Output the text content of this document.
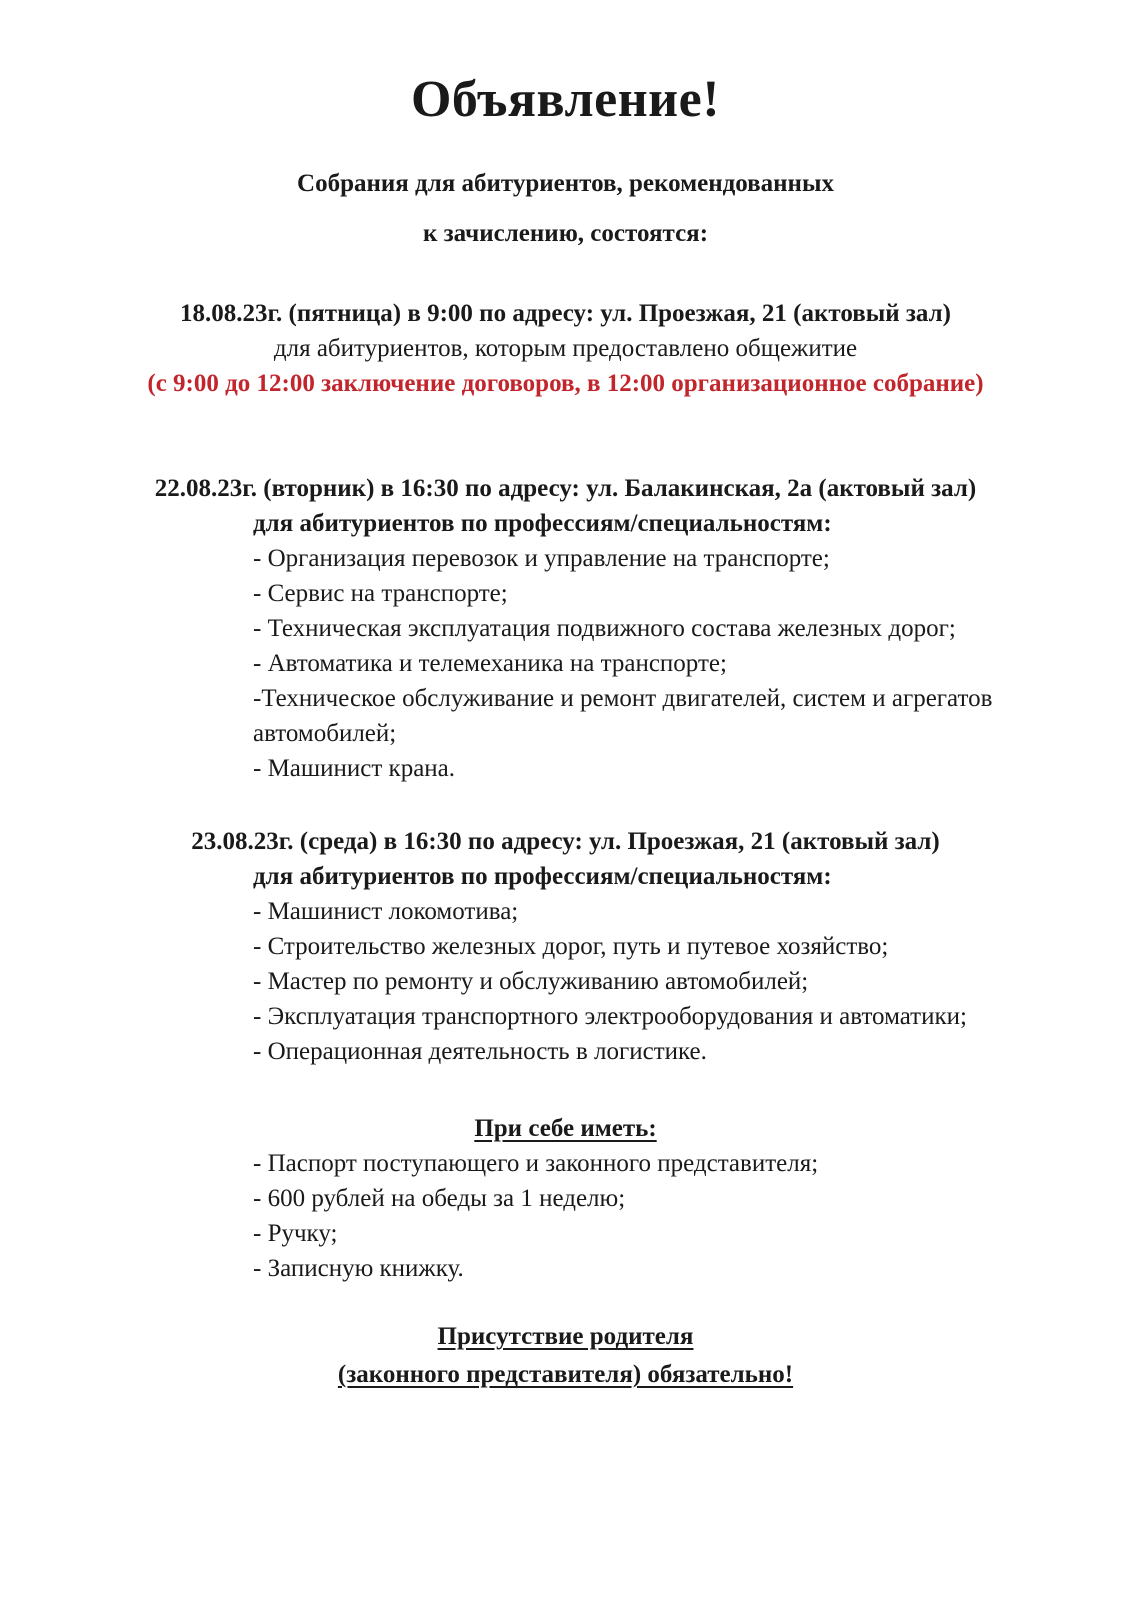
Объявление!

Собрания для абитуриентов, рекомендованных

к зачислению, состоятся:

18.08.23г. (пятница) в 9:00 по адресу: ул. Проезжая, 21 (актовый зал)

для абитуриентов, которым предоставлено общежитие

(с 9:00 до 12:00 заключение договоров, в 12:00 организационное собрание)

22.08.23г. (вторник) в 16:30 по адресу: ул. Балакинская, 2а (актовый зал)

для абитуриентов по профессиям/специальностям:

- Организация перевозок и управление на транспорте;
- Сервис на транспорте;
- Техническая эксплуатация подвижного состава железных дорог;
- Автоматика и телемеханика на транспорте;
-Техническое обслуживание и ремонт двигателей, систем и агрегатов автомобилей;
- Машинист крана.

23.08.23г. (среда) в 16:30 по адресу: ул. Проезжая, 21 (актовый зал)

для абитуриентов по профессиям/специальностям:

- Машинист локомотива;
- Строительство железных дорог, путь и путевое хозяйство;
- Мастер по ремонту и обслуживанию автомобилей;
- Эксплуатация транспортного электрооборудования и автоматики;
- Операционная деятельность в логистике.

При себе иметь:

- Паспорт поступающего и законного представителя;
- 600 рублей на обеды за 1 неделю;
- Ручку;
- Записную книжку.

Присутствие родителя

(законного представителя) обязательно!
